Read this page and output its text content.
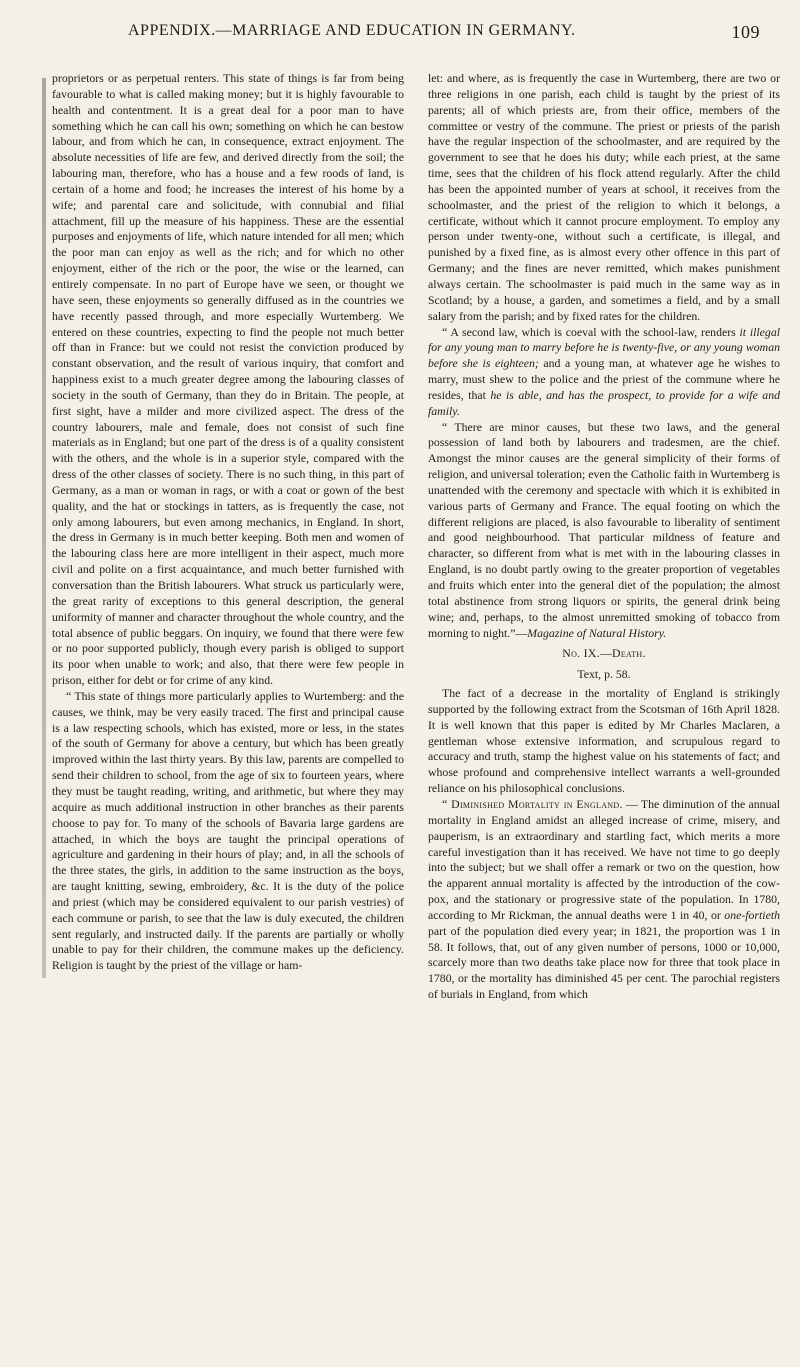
APPENDIX.—MARRIAGE AND EDUCATION IN GERMANY.	109

proprietors or as perpetual renters. This state of things is far from being favourable to what is called making money; but it is highly favourable to health and contentment. It is a great deal for a poor man to have something which he can call his own; something on which he can bestow labour, and from which he can, in consequence, extract enjoyment. The absolute necessities of life are few, and derived directly from the soil; the labouring man, therefore, who has a house and a few roods of land, is certain of a home and food; he increases the interest of his home by a wife; and parental care and solicitude, with connubial and filial attachment, fill up the measure of his happiness. These are the essential purposes and enjoyments of life, which nature intended for all men; which the poor man can enjoy as well as the rich; and for which no other enjoyment, either of the rich or the poor, the wise or the learned, can entirely compensate. In no part of Europe have we seen, or thought we have seen, these enjoyments so generally diffused as in the countries we have recently passed through, and more especially Wurtemberg. We entered on these countries, expecting to find the people not much better off than in France: but we could not resist the conviction produced by constant observation, and the result of various inquiry, that comfort and happiness exist to a much greater degree among the labouring classes of society in the south of Germany, than they do in Britain. The people, at first sight, have a milder and more civilized aspect. The dress of the country labourers, male and female, does not consist of such fine materials as in England; but one part of the dress is of a quality consistent with the others, and the whole is in a superior style, compared with the dress of the other classes of society. There is no such thing, in this part of Germany, as a man or woman in rags, or with a coat or gown of the best quality, and the hat or stockings in tatters, as is frequently the case, not only among labourers, but even among mechanics, in England. In short, the dress in Germany is in much better keeping. Both men and women of the labouring class here are more intelligent in their aspect, much more civil and polite on a first acquaintance, and much better furnished with conversation than the British labourers. What struck us particularly were, the great rarity of exceptions to this general description, the general uniformity of manner and character throughout the whole country, and the total absence of public beggars. On inquiry, we found that there were few or no poor supported publicly, though every parish is obliged to support its poor when unable to work; and also, that there were few people in prison, either for debt or for crime of any kind.

“ This state of things more particularly applies to Wurtemberg: and the causes, we think, may be very easily traced. The first and principal cause is a law respecting schools, which has existed, more or less, in the states of the south of Germany for above a century, but which has been greatly improved within the last thirty years. By this law, parents are compelled to send their children to school, from the age of six to fourteen years, where they must be taught reading, writing, and arithmetic, but where they may acquire as much additional instruction in other branches as their parents choose to pay for. To many of the schools of Bavaria large gardens are attached, in which the boys are taught the principal operations of agriculture and gardening in their hours of play; and, in all the schools of the three states, the girls, in addition to the same instruction as the boys, are taught knitting, sewing, embroidery, &c. It is the duty of the police and priest (which may be considered equivalent to our parish vestries) of each commune or parish, to see that the law is duly executed, the children sent regularly, and instructed daily. If the parents are partially or wholly unable to pay for their children, the commune makes up the deficiency. Religion is taught by the priest of the village or ham-

let: and where, as is frequently the case in Wurtemberg, there are two or three religions in one parish, each child is taught by the priest of its parents; all of which priests are, from their office, members of the committee or vestry of the commune. The priest or priests of the parish have the regular inspection of the schoolmaster, and are required by the government to see that he does his duty; while each priest, at the same time, sees that the children of his flock attend regularly. After the child has been the appointed number of years at school, it receives from the schoolmaster, and the priest of the religion to which it belongs, a certificate, without which it cannot procure employment. To employ any person under twenty-one, without such a certificate, is illegal, and punished by a fixed fine, as is almost every other offence in this part of Germany; and the fines are never remitted, which makes punishment always certain. The schoolmaster is paid much in the same way as in Scotland; by a house, a garden, and sometimes a field, and by a small salary from the parish; and by fixed rates for the children.

“ A second law, which is coeval with the school-law, renders it illegal for any young man to marry before he is twenty-five, or any young woman before she is eighteen; and a young man, at whatever age he wishes to marry, must shew to the police and the priest of the commune where he resides, that he is able, and has the prospect, to provide for a wife and family.

“ There are minor causes, but these two laws, and the general possession of land both by labourers and tradesmen, are the chief. Amongst the minor causes are the general simplicity of their forms of religion, and universal toleration; even the Catholic faith in Wurtemberg is unattended with the ceremony and spectacle with which it is exhibited in various parts of Germany and France. The equal footing on which the different religions are placed, is also favourable to liberality of sentiment and good neighbourhood. That particular mildness of feature and character, so different from what is met with in the labouring classes in England, is no doubt partly owing to the greater proportion of vegetables and fruits which enter into the general diet of the population; the almost total abstinence from strong liquors or spirits, the general drink being wine; and, perhaps, to the almost unremitted smoking of tobacco from morning to night.”—Magazine of Natural History.

No. IX.—Death.

Text, p. 58.

The fact of a decrease in the mortality of England is strikingly supported by the following extract from the Scotsman of 16th April 1828. It is well known that this paper is edited by Mr Charles Maclaren, a gentleman whose extensive information, and scrupulous regard to accuracy and truth, stamp the highest value on his statements of fact; and whose profound and comprehensive intellect warrants a well-grounded reliance on his philosophical conclusions.

“ Diminished Mortality in England. — The diminution of the annual mortality in England amidst an alleged increase of crime, misery, and pauperism, is an extraordinary and startling fact, which merits a more careful investigation than it has received. We have not time to go deeply into the subject; but we shall offer a remark or two on the question, how the apparent annual mortality is affected by the introduction of the cow-pox, and the stationary or progressive state of the population. In 1780, according to Mr Rickman, the annual deaths were 1 in 40, or one-fortieth part of the population died every year; in 1821, the proportion was 1 in 58. It follows, that, out of any given number of persons, 1000 or 10,000, scarcely more than two deaths take place now for three that took place in 1780, or the mortality has diminished 45 per cent. The parochial registers of burials in England, from which
